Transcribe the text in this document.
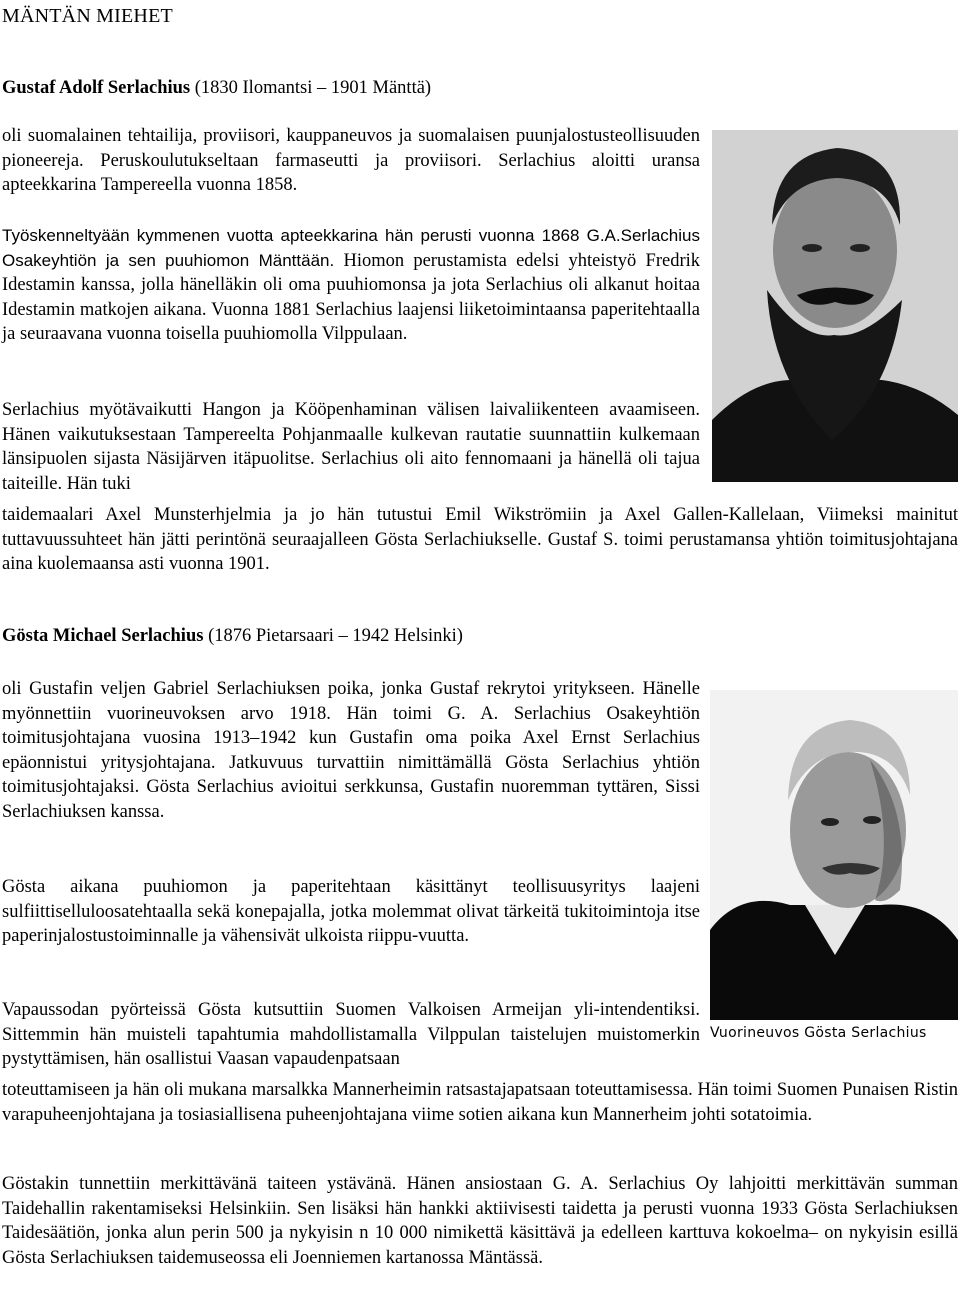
MÄNTÄN MIEHET
Gustaf Adolf Serlachius (1830 Ilomantsi – 1901 Mänttä)

oli suomalainen tehtailija, proviisori, kauppaneuvos ja suomalaisen puunjalostusteollisuuden pioneereja. Peruskoulutukseltaan farmaseutti ja proviisori. Serlachius aloitti uransa apteekkarina Tampereella vuonna 1858.

Työskenneltyään kymmenen vuotta apteekkarina hän perusti vuonna 1868 G.A.Serlachius Osakeyhtiön ja sen puuhiomon Mänttään. Hiomon perustamista edelsi yhteistyö Fredrik Idestamin kanssa, jolla hänelläkin oli oma puuhiomonsa ja jota Serlachius oli alkanut hoitaa Idestamin matkojen aikana. Vuonna 1881 Serlachius laajensi liiketoimintaansa paperitehtaalla ja seuraavana vuonna toisella puuhiomolla Vilppulaan.

Serlachius myötävaikutti Hangon ja Kööpenhaminan välisen laivaliikenteen avaamiseen. Hänen vaikutuksestaan Tampereelta Pohjanmaalle kulkevan rautatie suunnattiin kulkemaan länsipuolen sijasta Näsijärven itäpuolitse. Serlachius oli aito fennomaani ja hänellä oli tajua taiteille. Hän tuki

taidemaalari Axel Munsterhjelmia ja jo hän tutustui Emil Wikströmiin ja Axel Gallen-Kallelaan, Viimeksi mainitut tuttavuussuhteet hän jätti perintönä seuraajalleen Gösta Serlachiukselle. Gustaf S. toimi perustamansa yhtiön toimitusjohtajana aina kuolemaansa asti vuonna 1901.

Gösta Michael Serlachius (1876 Pietarsaari – 1942 Helsinki)

oli Gustafin veljen Gabriel Serlachiuksen poika, jonka Gustaf rekrytoi yritykseen. Hänelle myönnettiin vuorineuvoksen arvo 1918. Hän toimi G. A. Serlachius Osakeyhtiön toimitusjohtajana vuosina 1913–1942 kun Gustafin oma poika Axel Ernst Serlachius epäonnistui yritysjohtajana. Jatkuvuus turvattiin nimittämällä Gösta Serlachius yhtiön toimitusjohtajaksi. Gösta Serlachius avioitui serkkunsa, Gustafin nuoremman tyttären, Sissi Serlachiuksen kanssa.

Gösta aikana puuhiomon ja paperitehtaan käsittänyt teollisuusyritys laajeni sulfiittiselluloosatehtaalla sekä konepajalla, jotka molemmat olivat tärkeitä tukitoimintoja itse paperinjalostustoiminnalle ja vähensivät ulkoista riippu-vuutta.

Vapaussodan pyörteissä Gösta kutsuttiin Suomen Valkoisen Armeijan yli-intendentiksi. Sittemmin hän muisteli tapahtumia mahdollistamalla Vilppulan taistelujen muistomerkin pystyttämisen, hän osallistui Vaasan vapaudenpatsaan

toteuttamiseen ja hän oli mukana marsalkka Mannerheimin ratsastajapatsaan toteuttamisessa. Hän toimi Suomen Punaisen Ristin varapuheenjohtajana ja tosiasiallisena puheenjohtajana viime sotien aikana kun Mannerheim johti sotatoimia.

Göstakin tunnettiin merkittävänä taiteen ystävänä. Hänen ansiostaan G. A. Serlachius Oy lahjoitti merkittävän summan Taidehallin rakentamiseksi Helsinkiin. Sen lisäksi hän hankki aktiivisesti taidetta ja perusti vuonna 1933 Gösta Serlachiuksen Taidesäätiön, jonka alun perin 500 ja nykyisin n 10 000 nimikettä käsittävä ja edelleen karttuva kokoelma– on nykyisin esillä Gösta Serlachiuksen taidemuseossa eli Joenniemen kartanossa Mäntässä.

Vuorineuvos Gösta Serlachius
